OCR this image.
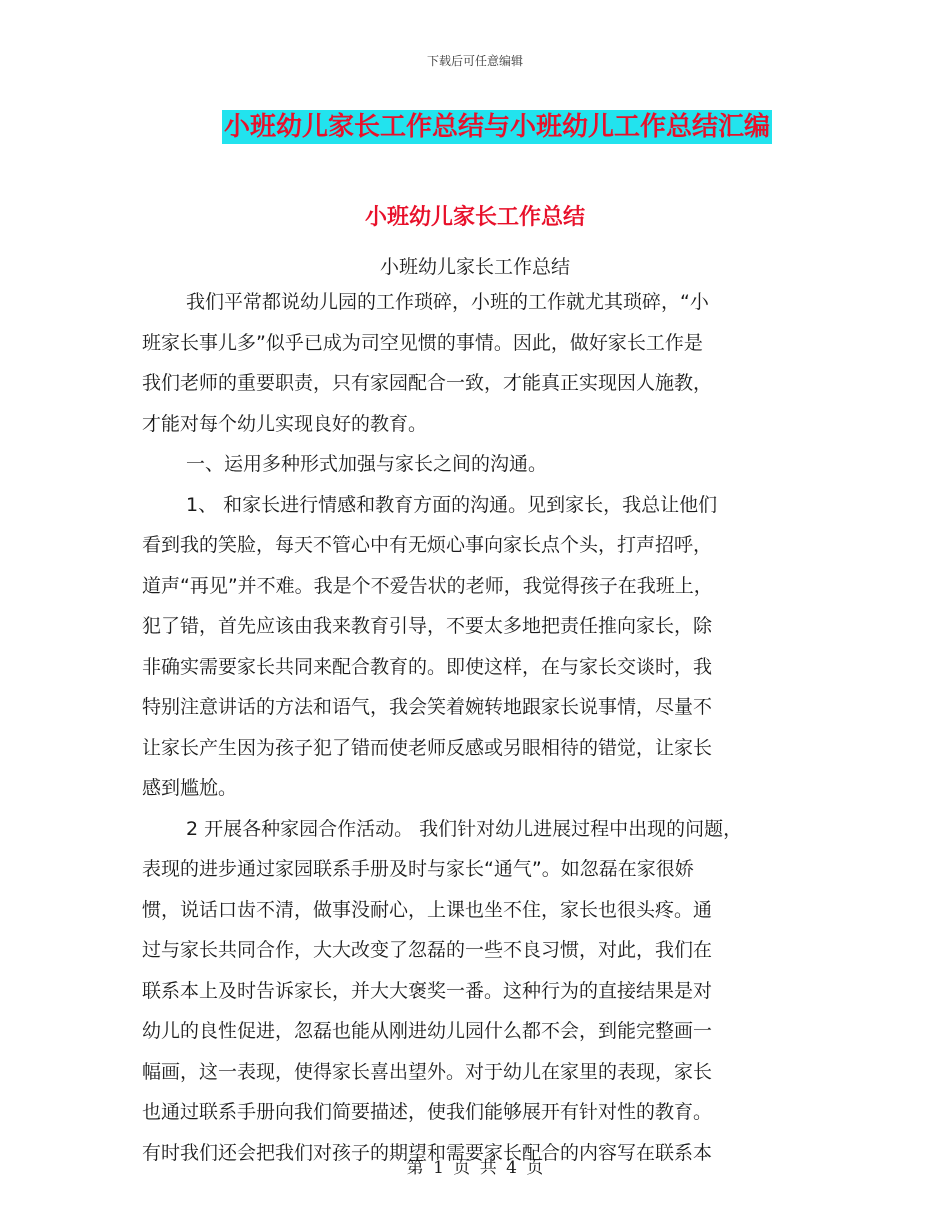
下载后可任意编辑
小班幼儿家长工作总结与小班幼儿工作总结汇编
小班幼儿家长工作总结
小班幼儿家长工作总结
我们平常都说幼儿园的工作琐碎，小班的工作就尤其琐碎，“小
班家长事儿多”似乎已成为司空见惯的事情。因此，做好家长工作是
我们老师的重要职责，只有家园配合一致，才能真正实现因人施教，
才能对每个幼儿实现良好的教育。
一、运用多种形式加强与家长之间的沟通。
1、 和家长进行情感和教育方面的沟通。见到家长，我总让他们
看到我的笑脸，每天不管心中有无烦心事向家长点个头，打声招呼，
道声“再见”并不难。我是个不爱告状的老师，我觉得孩子在我班上，
犯了错，首先应该由我来教育引导，不要太多地把责任推向家长，除
非确实需要家长共同来配合教育的。即使这样，在与家长交谈时，我
特别注意讲话的方法和语气，我会笑着婉转地跟家长说事情，尽量不
让家长产生因为孩子犯了错而使老师反感或另眼相待的错觉，让家长
感到尴尬。
2 开展各种家园合作活动。 我们针对幼儿进展过程中出现的问题，
表现的进步通过家园联系手册及时与家长“通气”。如忽磊在家很娇
惯，说话口齿不清，做事没耐心，上课也坐不住，家长也很头疼。通
过与家长共同合作，大大改变了忽磊的一些不良习惯，对此，我们在
联系本上及时告诉家长，并大大褒奖一番。这种行为的直接结果是对
幼儿的良性促进，忽磊也能从刚进幼儿园什么都不会，到能完整画一
幅画，这一表现，使得家长喜出望外。对于幼儿在家里的表现，家长
也通过联系手册向我们简要描述，使我们能够展开有针对性的教育。
有时我们还会把我们对孩子的期望和需要家长配合的内容写在联系本
第 1 页 共 4 页
